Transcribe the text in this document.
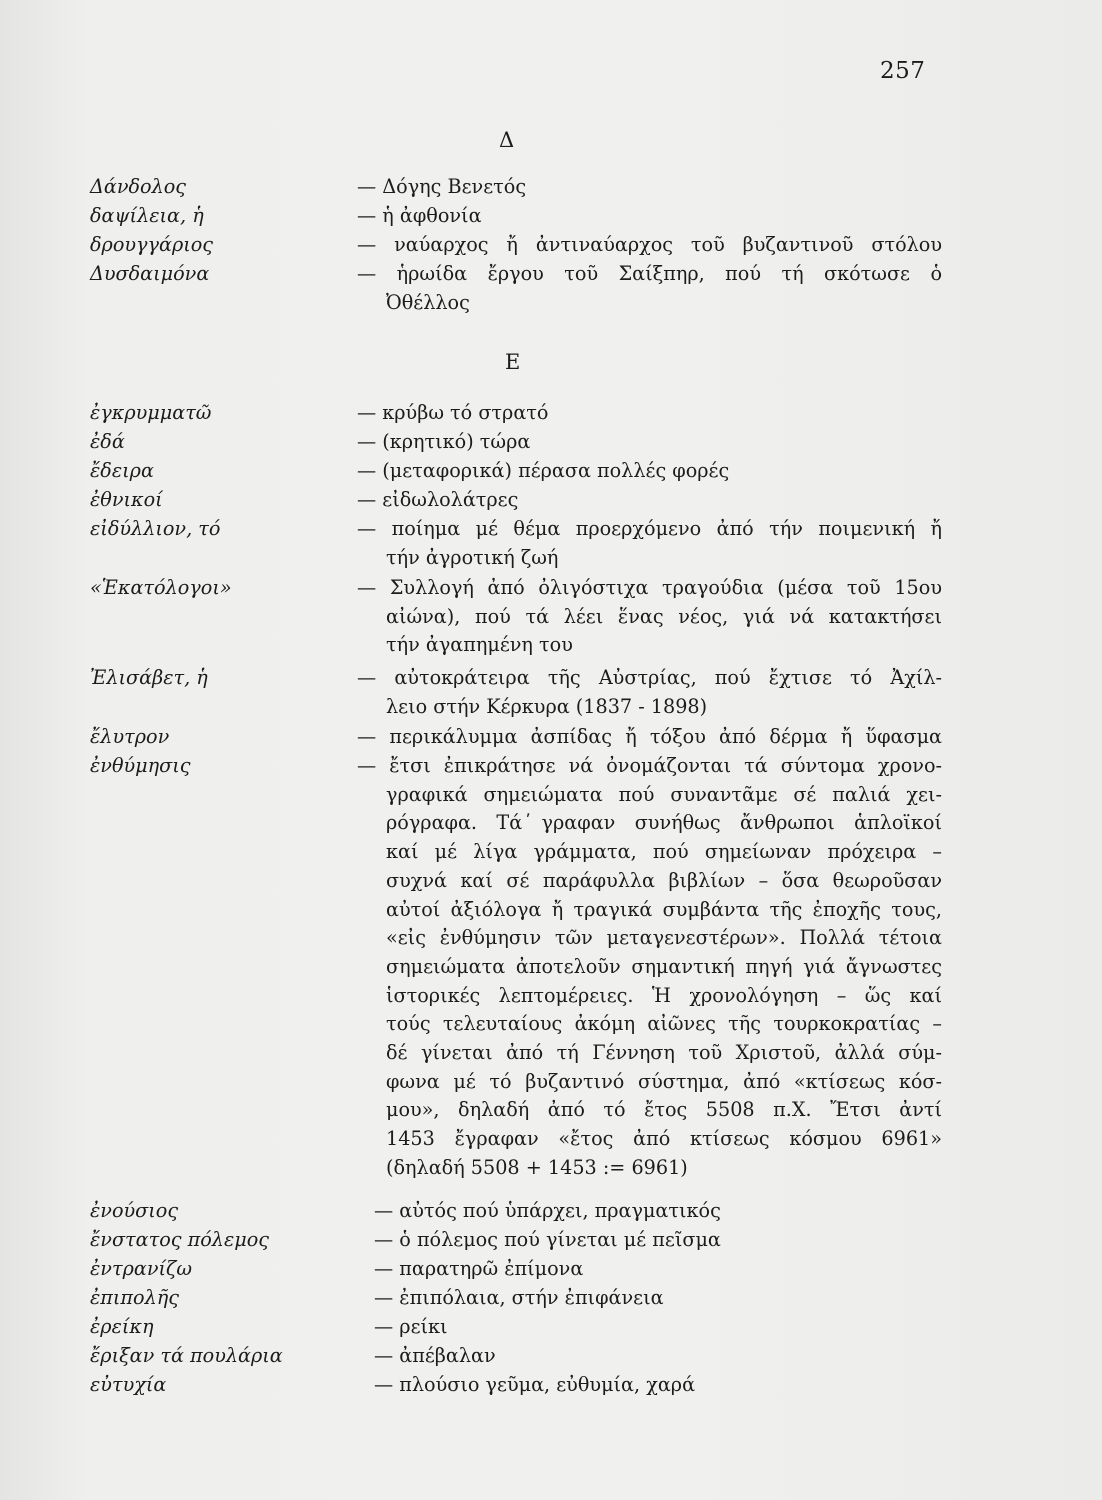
257
Δ
Δάνδολος	— Δόγης Βενετός
δαψίλεια, ἡ	— ἡ ἀφθονία
δρουγγάριος	— ναύαρχος ἤ ἀντιναύαρχος τοῦ βυζαντινοῦ στόλου
Δυσδαιμόνα	— ἡρωίδα ἔργου τοῦ Σαίξπηρ, πού τή σκότωσε ὁ
Ὀθέλλος
Ε
ἐγκρυμματῶ	— κρύβω τό στρατό
ἐδά	— (κρητικό) τώρα
ἔδειρα	— (μεταφορικά) πέρασα πολλές φορές
ἐθνικοί	— εἰδωλολάτρες
εἰδύλλιον, τό	— ποίημα μέ θέμα προερχόμενο ἀπό τήν ποιμενική ἤ
τήν ἀγροτική ζωή
«Ἑκατόλογοι»	— Συλλογή ἀπό ὀλιγόστιχα τραγούδια (μέσα τοῦ 15ου
αἰώνα), πού τά λέει ἕνας νέος, γιά νά κατακτήσει
τήν ἀγαπημένη του
Ἐλισάβετ, ἡ	— αὐτοκράτειρα τῆς Αὐστρίας, πού ἔχτισε τό Ἀχίλ-
λειο στήν Κέρκυρα (1837 - 1898)
ἔλυτρον	— περικάλυμμα ἀσπίδας ἤ τόξου ἀπό δέρμα ἤ ὕφασμα
ἐνθύμησις	— ἔτσι ἐπικράτησε νά ὀνομάζονται τά σύντομα χρονο-
γραφικά σημειώματα πού συναντᾶμε σέ παλιά χει-
ρόγραφα. Τά ̕γραφαν συνήθως ἄνθρωποι ἁπλοϊκοί
καί μέ λίγα γράμματα, πού σημείωναν πρόχειρα –
συχνά καί σέ παράφυλλα βιβλίων – ὅσα θεωροῦσαν
αὐτοί ἀξιόλογα ἤ τραγικά συμβάντα τῆς ἐποχῆς τους,
«εἰς ἐνθύμησιν τῶν μεταγενεστέρων». Πολλά τέτοια
σημειώματα ἀποτελοῦν σημαντική πηγή γιά ἄγνωστες
ἱστορικές λεπτομέρειες. Ἡ χρονολόγηση – ὥς καί
τούς τελευταίους ἀκόμη αἰῶνες τῆς τουρκοκρατίας –
δέ γίνεται ἀπό τή Γέννηση τοῦ Χριστοῦ, ἀλλά σύμ-
φωνα μέ τό βυζαντινό σύστημα, ἀπό «κτίσεως κόσ-
μου», δηλαδή ἀπό τό ἔτος 5508 π.Χ. Ἔτσι ἀντί
1453 ἔγραφαν «ἔτος ἀπό κτίσεως κόσμου 6961»
(δηλαδή 5508 + 1453 := 6961)
ἐνούσιος	— αὐτός πού ὑπάρχει, πραγματικός
ἔνστατος πόλεμος	— ὁ πόλεμος πού γίνεται μέ πεῖσμα
ἐντρανίζω	— παρατηρῶ ἐπίμονα
ἐπιπολῆς	— ἐπιπόλαια, στήν ἐπιφάνεια
ἐρείκη	— ρείκι
ἔριξαν τά πουλάρια	— ἀπέβαλαν
εὐτυχία	— πλούσιο γεῦμα, εὐθυμία, χαρά
